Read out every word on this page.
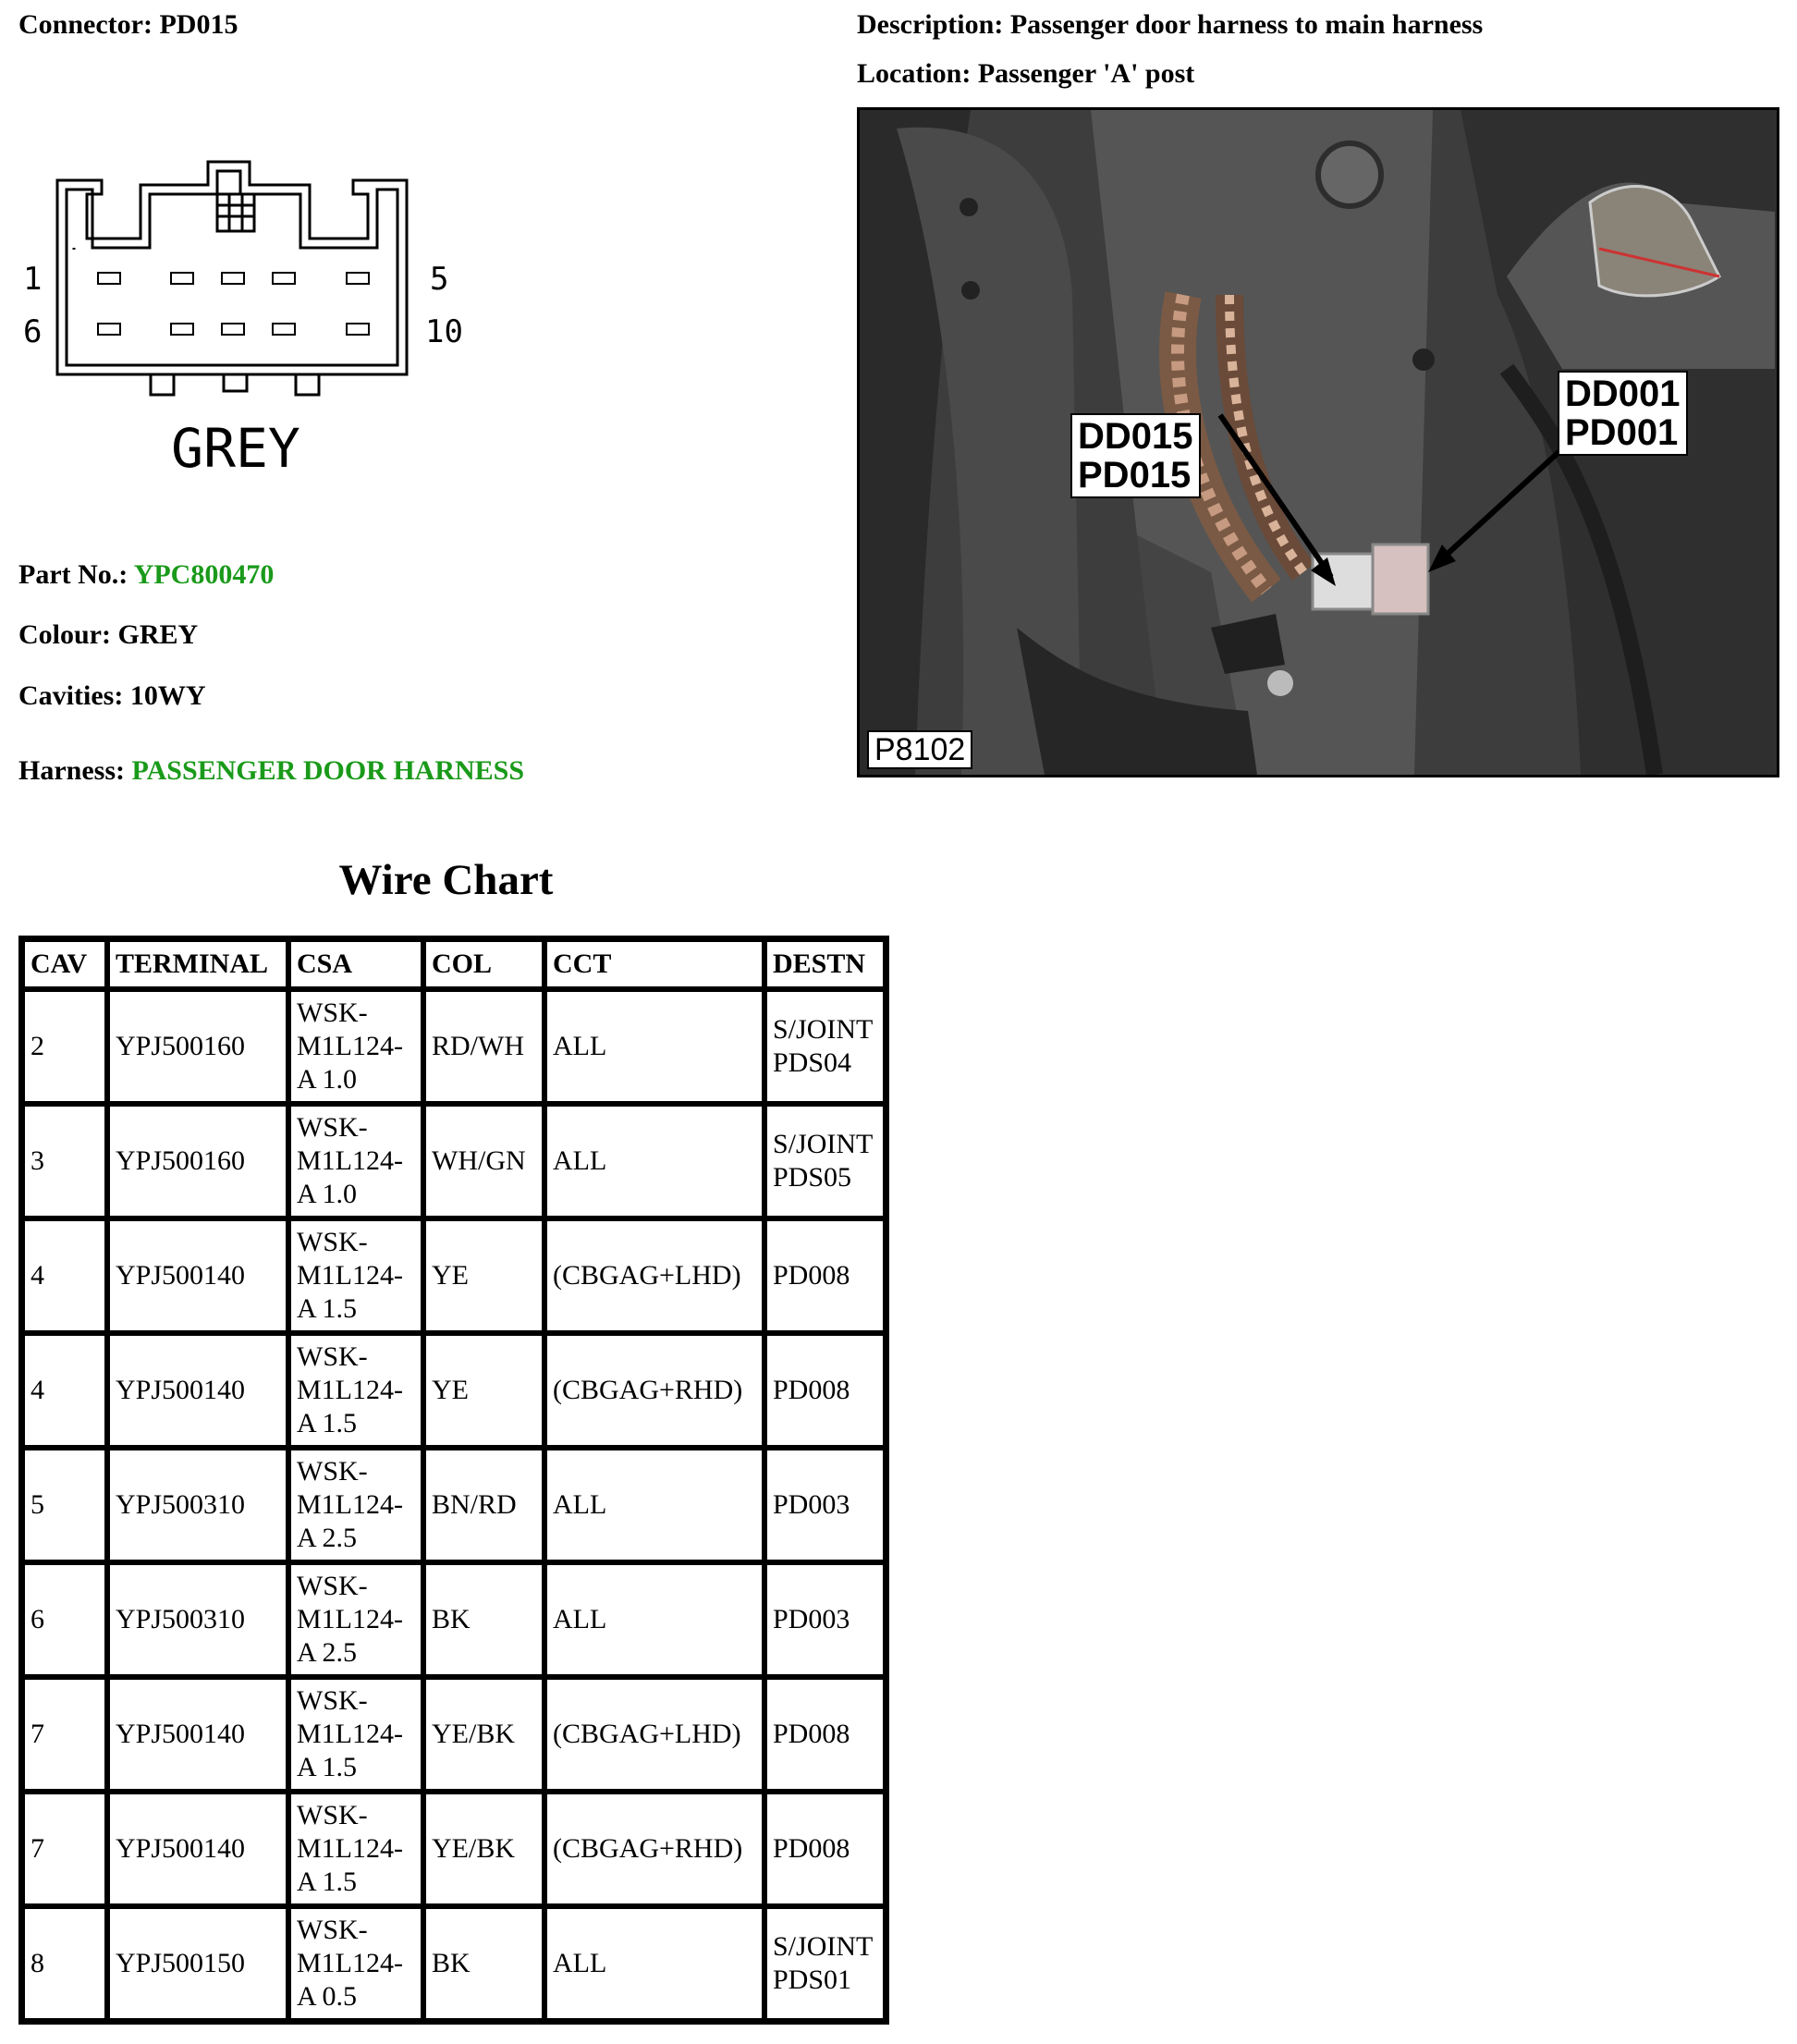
Connector: PD015	Description: Passenger door harness to main harness
Location: Passenger 'A' post
1	5
6	10
GREY	DD015
PD015
DD001
PD001
P8102
Part No.: YPC800470
Colour: GREY
Cavities: 10WY
Harness: PASSENGER DOOR HARNESS
Wire Chart
CAV	TERMINAL	CSA	COL	CCT	DESTN
2	YPJ500160	WSK-M1L124-A 1.0	RD/WH	ALL	S/JOINT PDS04
3	YPJ500160	WSK-M1L124-A 1.0	WH/GN	ALL	S/JOINT PDS05
4	YPJ500140	WSK-M1L124-A 1.5	YE	(CBGAG+LHD)	PD008
4	YPJ500140	WSK-M1L124-A 1.5	YE	(CBGAG+RHD)	PD008
5	YPJ500310	WSK-M1L124-A 2.5	BN/RD	ALL	PD003
6	YPJ500310	WSK-M1L124-A 2.5	BK	ALL	PD003
7	YPJ500140	WSK-M1L124-A 1.5	YE/BK	(CBGAG+LHD)	PD008
7	YPJ500140	WSK-M1L124-A 1.5	YE/BK	(CBGAG+RHD)	PD008
8	YPJ500150	WSK-M1L124-A 0.5	BK	ALL	S/JOINT PDS01
